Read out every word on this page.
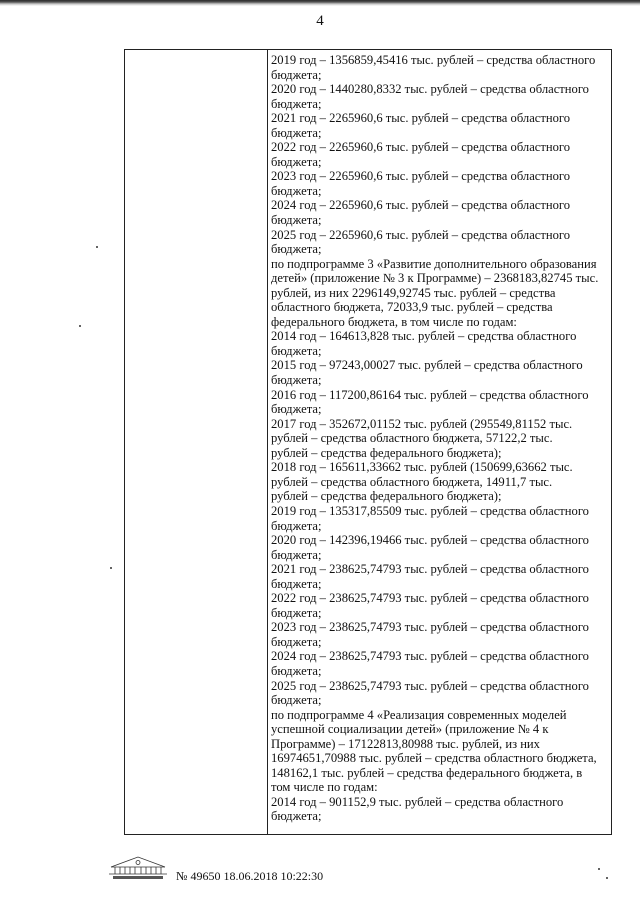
4
2019 год – 1356859,45416 тыс. рублей – средства областного
бюджета;
2020 год – 1440280,8332 тыс. рублей – средства областного
бюджета;
2021 год – 2265960,6 тыс. рублей – средства областного
бюджета;
2022 год – 2265960,6 тыс. рублей – средства областного
бюджета;
2023 год – 2265960,6 тыс. рублей – средства областного
бюджета;
2024 год – 2265960,6 тыс. рублей – средства областного
бюджета;
2025 год – 2265960,6 тыс. рублей – средства областного
бюджета;
по подпрограмме 3 «Развитие дополнительного образования
детей» (приложение № 3 к Программе) – 2368183,82745 тыс.
рублей, из них 2296149,92745 тыс. рублей – средства
областного бюджета, 72033,9 тыс. рублей – средства
федерального бюджета, в том числе по годам:
2014 год – 164613,828 тыс. рублей – средства областного
бюджета;
2015 год – 97243,00027 тыс. рублей – средства областного
бюджета;
2016 год – 117200,86164 тыс. рублей – средства областного
бюджета;
2017 год – 352672,01152 тыс. рублей (295549,81152 тыс.
рублей – средства областного бюджета, 57122,2 тыс.
рублей – средства федерального бюджета);
2018 год – 165611,33662 тыс. рублей (150699,63662 тыс.
рублей – средства областного бюджета, 14911,7 тыс.
рублей – средства федерального бюджета);
2019 год – 135317,85509 тыс. рублей – средства областного
бюджета;
2020 год – 142396,19466 тыс. рублей – средства областного
бюджета;
2021 год – 238625,74793 тыс. рублей – средства областного
бюджета;
2022 год – 238625,74793 тыс. рублей – средства областного
бюджета;
2023 год – 238625,74793 тыс. рублей – средства областного
бюджета;
2024 год – 238625,74793 тыс. рублей – средства областного
бюджета;
2025 год – 238625,74793 тыс. рублей – средства областного
бюджета;
по подпрограмме 4 «Реализация современных моделей
успешной социализации детей» (приложение № 4 к
Программе) – 17122813,80988 тыс. рублей, из них
16974651,70988 тыс. рублей – средства областного бюджета,
148162,1 тыс. рублей – средства федерального бюджета, в
том числе по годам:
2014 год – 901152,9 тыс. рублей – средства областного
бюджета;
№ 49650 18.06.2018 10:22:30
